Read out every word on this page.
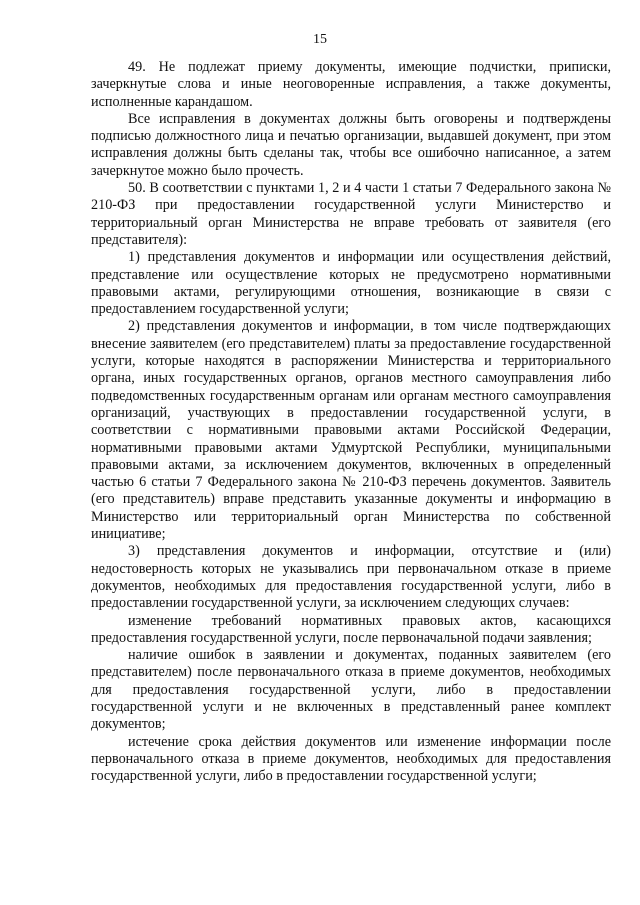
15

49. Не подлежат приему документы, имеющие подчистки, приписки, зачеркнутые слова и иные неоговоренные исправления, а также документы, исполненные карандашом.

Все исправления в документах должны быть оговорены и подтверждены подписью должностного лица и печатью организации, выдавшей документ, при этом исправления должны быть сделаны так, чтобы все ошибочно написанное, а затем зачеркнутое можно было прочесть.

50. В соответствии с пунктами 1, 2 и 4 части 1 статьи 7 Федерального закона № 210-ФЗ при предоставлении государственной услуги Министерство и территориальный орган Министерства не вправе требовать от заявителя (его представителя):

1) представления документов и информации или осуществления действий, представление или осуществление которых не предусмотрено нормативными правовыми актами, регулирующими отношения, возникающие в связи с предоставлением государственной услуги;

2) представления документов и информации, в том числе подтверждающих внесение заявителем (его представителем) платы за предоставление государственной услуги, которые находятся в распоряжении Министерства и территориального органа, иных государственных органов, органов местного самоуправления либо подведомственных государственным органам или органам местного самоуправления организаций, участвующих в предоставлении государственной услуги, в соответствии с нормативными правовыми актами Российской Федерации, нормативными правовыми актами Удмуртской Республики, муниципальными правовыми актами, за исключением документов, включенных в определенный частью 6 статьи 7 Федерального закона № 210-ФЗ перечень документов. Заявитель (его представитель) вправе представить указанные документы и информацию в Министерство или территориальный орган Министерства по собственной инициативе;

3) представления документов и информации, отсутствие и (или) недостоверность которых не указывались при первоначальном отказе в приеме документов, необходимых для предоставления государственной услуги, либо в предоставлении государственной услуги, за исключением следующих случаев:

изменение требований нормативных правовых актов, касающихся предоставления государственной услуги, после первоначальной подачи заявления;

наличие ошибок в заявлении и документах, поданных заявителем (его представителем) после первоначального отказа в приеме документов, необходимых для предоставления государственной услуги, либо в предоставлении государственной услуги и не включенных в представленный ранее комплект документов;

истечение срока действия документов или изменение информации после первоначального отказа в приеме документов, необходимых для предоставления государственной услуги, либо в предоставлении государственной услуги;
